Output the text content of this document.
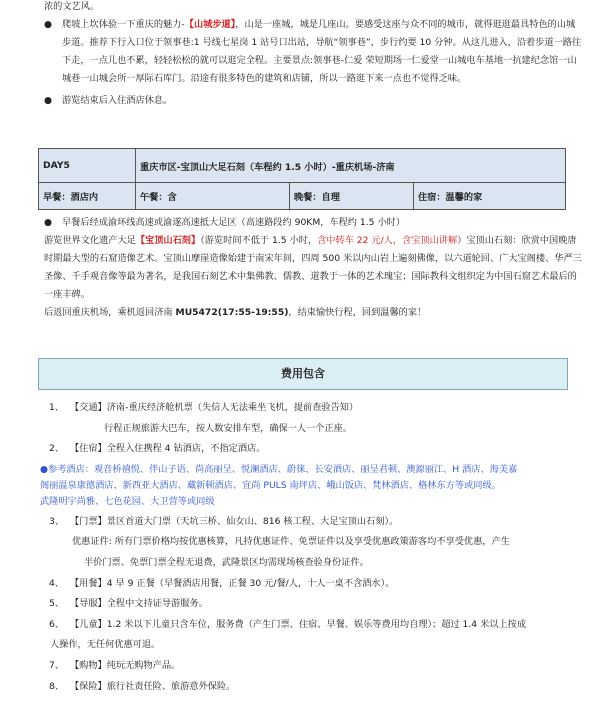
浓的文艺风。

● 爬坡上坎体验一下重庆的魅力-【山城步道】，山是一座城，城是几座山。要感受这座与众不同的城市，就得逛逛最具特色的山城步道。推荐下行入口位于领事巷:1 号线七星岗 1 站号口出站，导航“领事巷”，步行约要 10 分钟。从这儿进入，沿着步道一路往下走，一点儿也不累，轻轻松松的就可以逛完全程。主要景点:领事巷-仁爱 荣短期场一仁爱堂一山城电车基地一抗建纪念馆一山城巷一山城会所一厚际石库门。沿途有很多特色的建筑和店铺，所以一路逛下来一点也不觉得乏味。

● 游览结束后入住酒店休息。

DAY5	重庆市区-宝顶山大足石刻（车程约 1.5 小时）-重庆机场-济南		
早餐：酒店内	午餐：含	晚餐：自理	住宿：温馨的家

● 早餐后经成渝环线高速或渝遂高速抵大足区（高速路段约 90KM，车程约 1.5 小时）

游览世界文化遗产大足【宝顶山石刻】（游览时间不低于 1.5 小时，含中转车 22 元/人，含宝顶山讲解）宝顶山石刻：欣赏中国晚唐时期最大型的石窟造像艺术。宝顶山摩崖造像始建于南宋年间，四周 500 米以内山岩上遍刻佛像，以六道轮回、广大宝阁楼、华严三圣像、千手观音像等最为著名，是我国石刻艺术中集佛教、儒教、道教于一体的艺术瑰宝；国际教科文组织定为中国石窟艺术最后的一座丰碑。

后返回重庆机场，乘机返回济南 MU5472(17:55-19:55)，结束愉快行程，回到温馨的家！

费用包含
1、 【交通】济南-重庆经济舱机票（失信人无法乘坐飞机，提前查验告知）
行程正规旅游大巴车，按人数安排车型，确保一人一个正座。
2、 【住宿】全程入住携程 4 钻酒店，不指定酒店。
●参考酒店：观音桥禧悦、伴山子语、尚高丽呈、悦澜酒店、蔚徕、长安酒店、丽呈君顿、澳源丽江、H 酒店、海美嘉
阁丽温泉康德酒店、新西亚大酒店、藏新顿酒店、宜尚 PULS 南坪店、峨山饭店、梵林酒店、格林东方等或同级。
武隆明宇尚雅、七色花园、大卫营等或同级
3、 【门票】景区首道大门票（天坑三桥、仙女山、816 核工程、大足宝顶山石刻）。
优惠证件: 所有门票价格均按优惠核算，凡持优惠证件、免票证件以及享受优惠政策游客均不享受优惠，产生
半价门票、免票门票全程无退费，武隆景区均需现场核查验身份证件。
4、 【用餐】4 早 9 正餐（早餐酒店用餐，正餐 30 元/餐/人，十人一桌不含酒水）。
5、 【导服】全程中文持证导游服务。
6、 【儿童】1.2 米以下儿童只含车位，服务费（产生门票、住宿、早餐、娱乐等费用均自理）；超过 1.4 米以上按成
人操作，无任何优惠可退。
7、 【购物】纯玩无购物产品。
8、 【保险】旅行社责任险、旅游意外保险。
